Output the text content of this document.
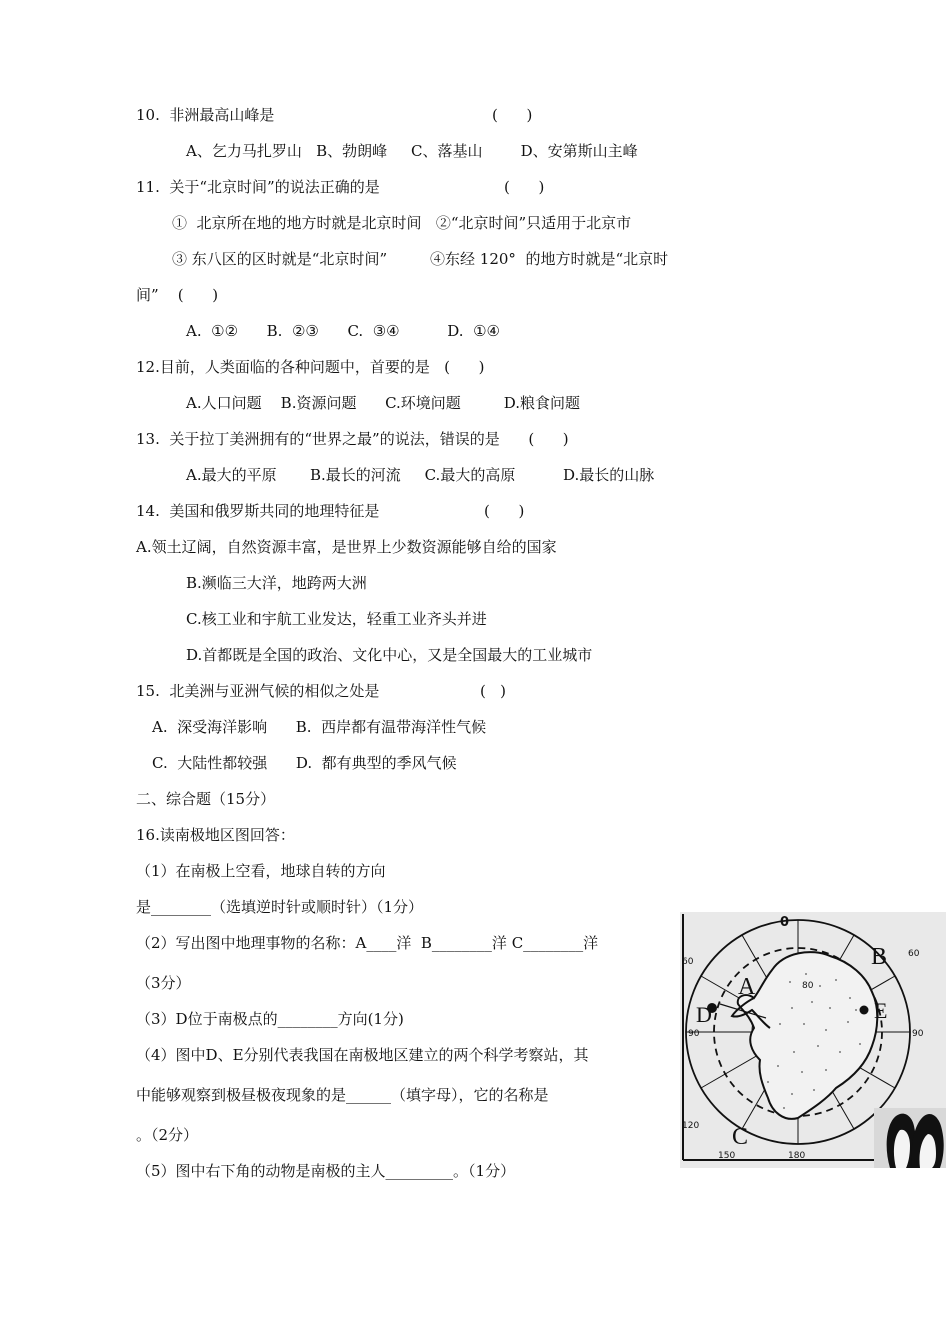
10.  非洲最高山峰是	(      )
A、乞力马扎罗山   B、勃朗峰     C、落基山        D、安第斯山主峰
11.  关于“北京时间”的说法正确的是	(      )
①  北京所在地的地方时就是北京时间   ②“北京时间”只适用于北京市
③ 东八区的区时就是“北京时间”         ④东经 120°  的地方时就是“北京时
间”    (      )
A.  ①②      B.  ②③      C.  ③④          D.  ①④
12.目前，人类面临的各种问题中，首要的是   (      )
A.人口问题    B.资源问题      C.环境问题         D.粮食问题
13.  关于拉丁美洲拥有的“世界之最”的说法，错误的是      (      )
A.最大的平原       B.最长的河流     C.最大的高原          D.最长的山脉
14.  美国和俄罗斯共同的地理特征是	(      )
A.领土辽阔，自然资源丰富，是世界上少数资源能够自给的国家
B.濒临三大洋，地跨两大洲
C.核工业和宇航工业发达，轻重工业齐头并进
D.首都既是全国的政治、文化中心，又是全国最大的工业城市
15.  北美洲与亚洲气候的相似之处是	(   )
A.  深受海洋影响      B.  西岸都有温带海洋性气候
C.  大陆性都较强      D.  都有典型的季风气候
二、综合题（15分）
16.读南极地区图回答：
（1）在南极上空看，地球自转的方向
是________（选填逆时针或顺时针）（1分）
（2）写出图中地理事物的名称：A____洋  B________洋 C________洋
（3分）
（3）D位于南极点的________方向(1分)
（4）图中D、E分别代表我国在南极地区建立的两个科学考察站，其
中能够观察到极昼极夜现象的是______（填字母），它的名称是
。（2分）
（5）图中右下角的动物是南极的主人_________。（1分）
A
B
C
D	E
0
60
60
90	90
80
120
150	180
